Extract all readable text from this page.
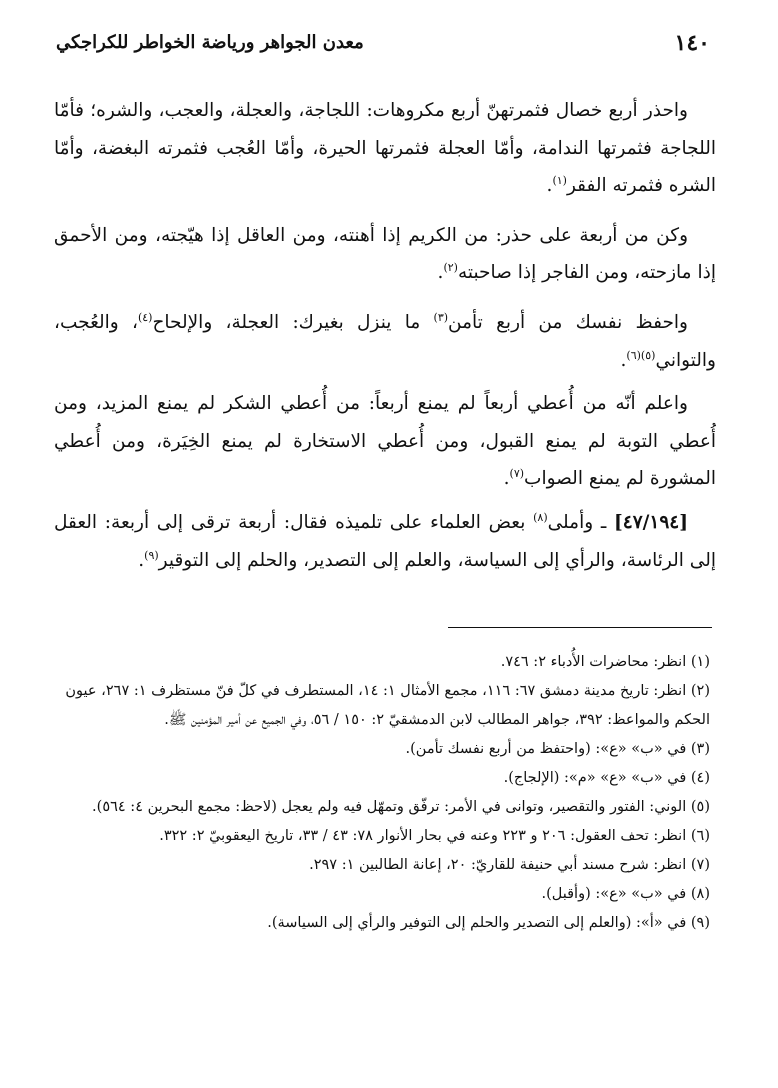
١٤٠
معدن الجواهر ورياضة الخواطر للكراجكي

واحذر أربع خصال فثمرتهنّ أربع مكروهات: اللجاجة، والعجلة، والعجب، والشره؛ فأمّا اللجاجة فثمرتها الندامة، وأمّا العجلة فثمرتها الحيرة، وأمّا العُجب فثمرته البغضة، وأمّا الشره فثمرته الفقر$^{(١)}$.

وكن من أربعة على حذر: من الكريم إذا أهنته، ومن العاقل إذا هيّجته، ومن الأحمق إذا مازحته، ومن الفاجر إذا صاحبته$^{(٢)}$.

واحفظ نفسك من أربع تأمن$^{(٣)}$ ما ينزل بغيرك: العجلة، والإلحاح$^{(٤)}$، والعُجب، والتواني$^{(٥)(٦)}$.

واعلم أنّه من أُعطي أربعاً لم يمنع أربعاً: من أُعطي الشكر لم يمنع المزيد، ومن أُعطي التوبة لم يمنع القبول، ومن أُعطي الاستخارة لم يمنع الخِيَرة، ومن أُعطي المشورة لم يمنع الصواب$^{(٧)}$.

[٤٧/١٩٤] ـ وأملى$^{(٨)}$ بعض العلماء على تلميذه فقال: أربعة ترقى إلى أربعة: العقل إلى الرئاسة، والرأي إلى السياسة، والعلم إلى التصدير، والحلم إلى التوقير$^{(٩)}$.

(١) انظر: محاضرات الأُدباء ٢: ٧٤٦.

(٢) انظر: تاريخ مدينة دمشق ٦٧: ١١٦، مجمع الأمثال ١: ١٤، المستطرف في كلّ فنّ مستظرف ١: ٢٦٧، عيون الحكم والمواعظ: ٣٩٢، جواهر المطالب لابن الدمشقيّ ٢: ١٥٠ / ٥٦، وفي الجميع عن أمير المؤمنين ﷺ.

(٣) في «ب» «ع»: (واحتفظ من أربع نفسك تأمن).

(٤) في «ب» «ع» «م»: (الإلجاج).

(٥) الوني: الفتور والتقصير، وتوانى في الأمر: ترفّق وتمهّل فيه ولم يعجل (لاحظ: مجمع البحرين ٤: ٥٦٤).

(٦) انظر: تحف العقول: ٢٠٦ و ٢٢٣ وعنه في بحار الأنوار ٧٨: ٤٣ / ٣٣، تاريخ اليعقوبيّ ٢: ٣٢٢.

(٧) انظر: شرح مسند أبي حنيفة للقاريّ: ٢٠، إعانة الطالبين ١: ٢٩٧.

(٨) في «ب» «ع»: (وأقبل).

(٩) في «أ»: (والعلم إلى التصدير والحلم إلى التوفير والرأي إلى السياسة).
